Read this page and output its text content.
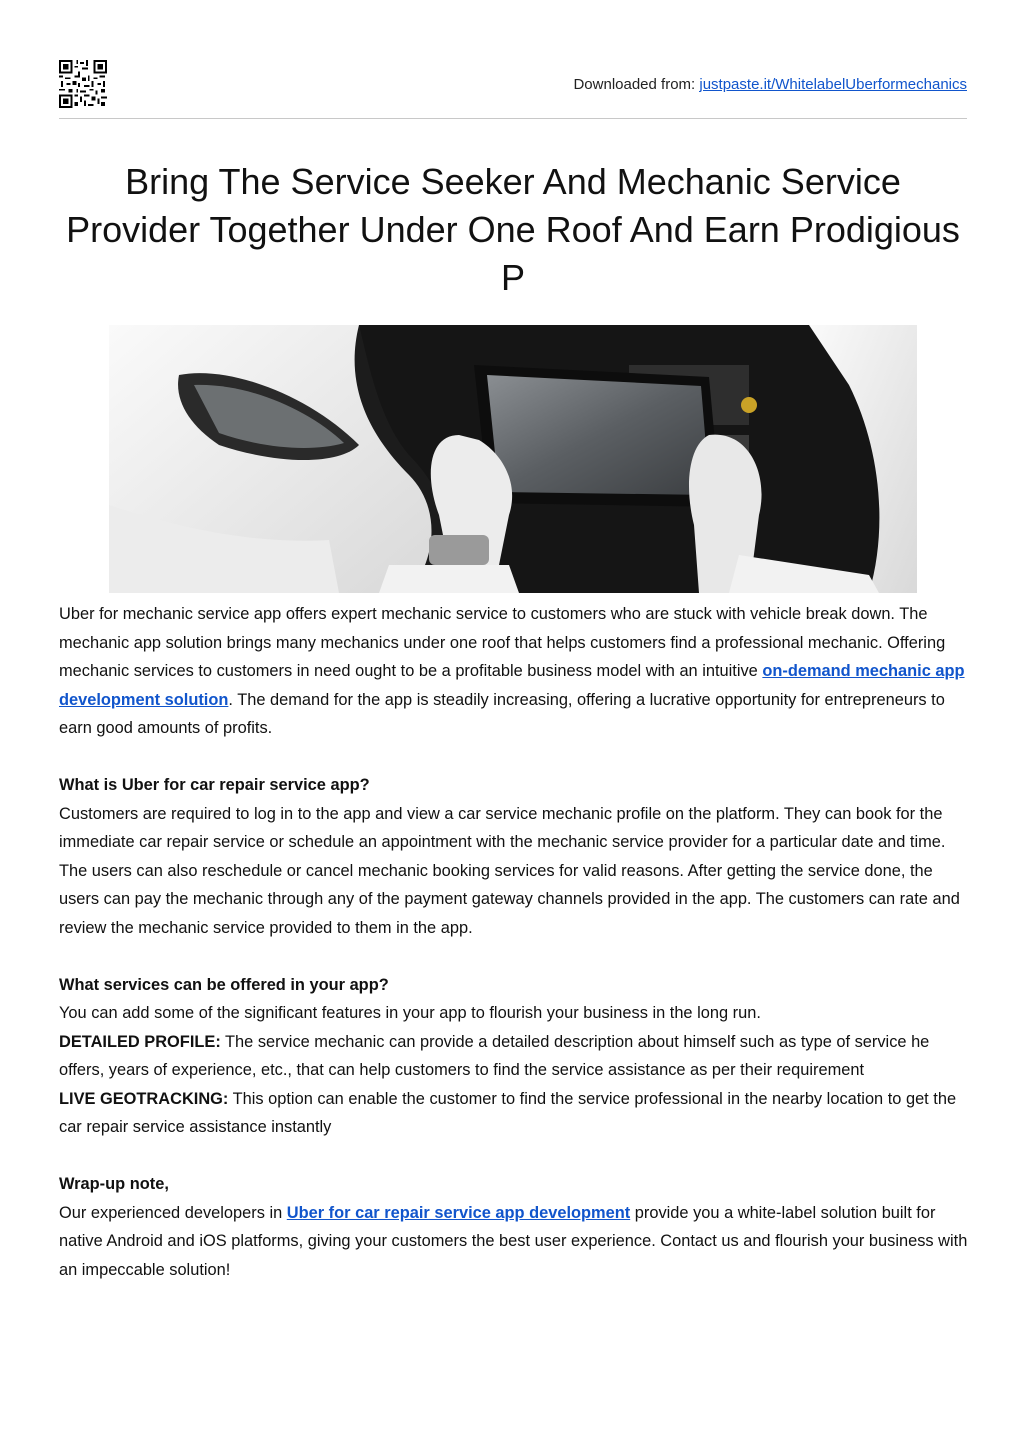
Downloaded from: justpaste.it/WhitelabelUberformechanics
Bring The Service Seeker And Mechanic Service Provider Together Under One Roof And Earn Prodigious P

Uber for mechanic service app offers expert mechanic service to customers who are stuck with vehicle break down. The mechanic app solution brings many mechanics under one roof that helps customers find a professional mechanic. Offering mechanic services to customers in need ought to be a profitable business model with an intuitive on-demand mechanic app development solution. The demand for the app is steadily increasing, offering a lucrative opportunity for entrepreneurs to earn good amounts of profits.

What is Uber for car repair service app?

Customers are required to log in to the app and view a car service mechanic profile on the platform. They can book for the immediate car repair service or schedule an appointment with the mechanic service provider for a particular date and time. The users can also reschedule or cancel mechanic booking services for valid reasons. After getting the service done, the users can pay the mechanic through any of the payment gateway channels provided in the app. The customers can rate and review the mechanic service provided to them in the app.

What services can be offered in your app?

You can add some of the significant features in your app to flourish your business in the long run.

DETAILED PROFILE: The service mechanic can provide a detailed description about himself such as type of service he offers, years of experience, etc., that can help customers to find the service assistance as per their requirement

LIVE GEOTRACKING: This option can enable the customer to find the service professional in the nearby location to get the car repair service assistance instantly

Wrap-up note,

Our experienced developers in Uber for car repair service app development provide you a white-label solution built for native Android and iOS platforms, giving your customers the best user experience. Contact us and flourish your business with an impeccable solution!
